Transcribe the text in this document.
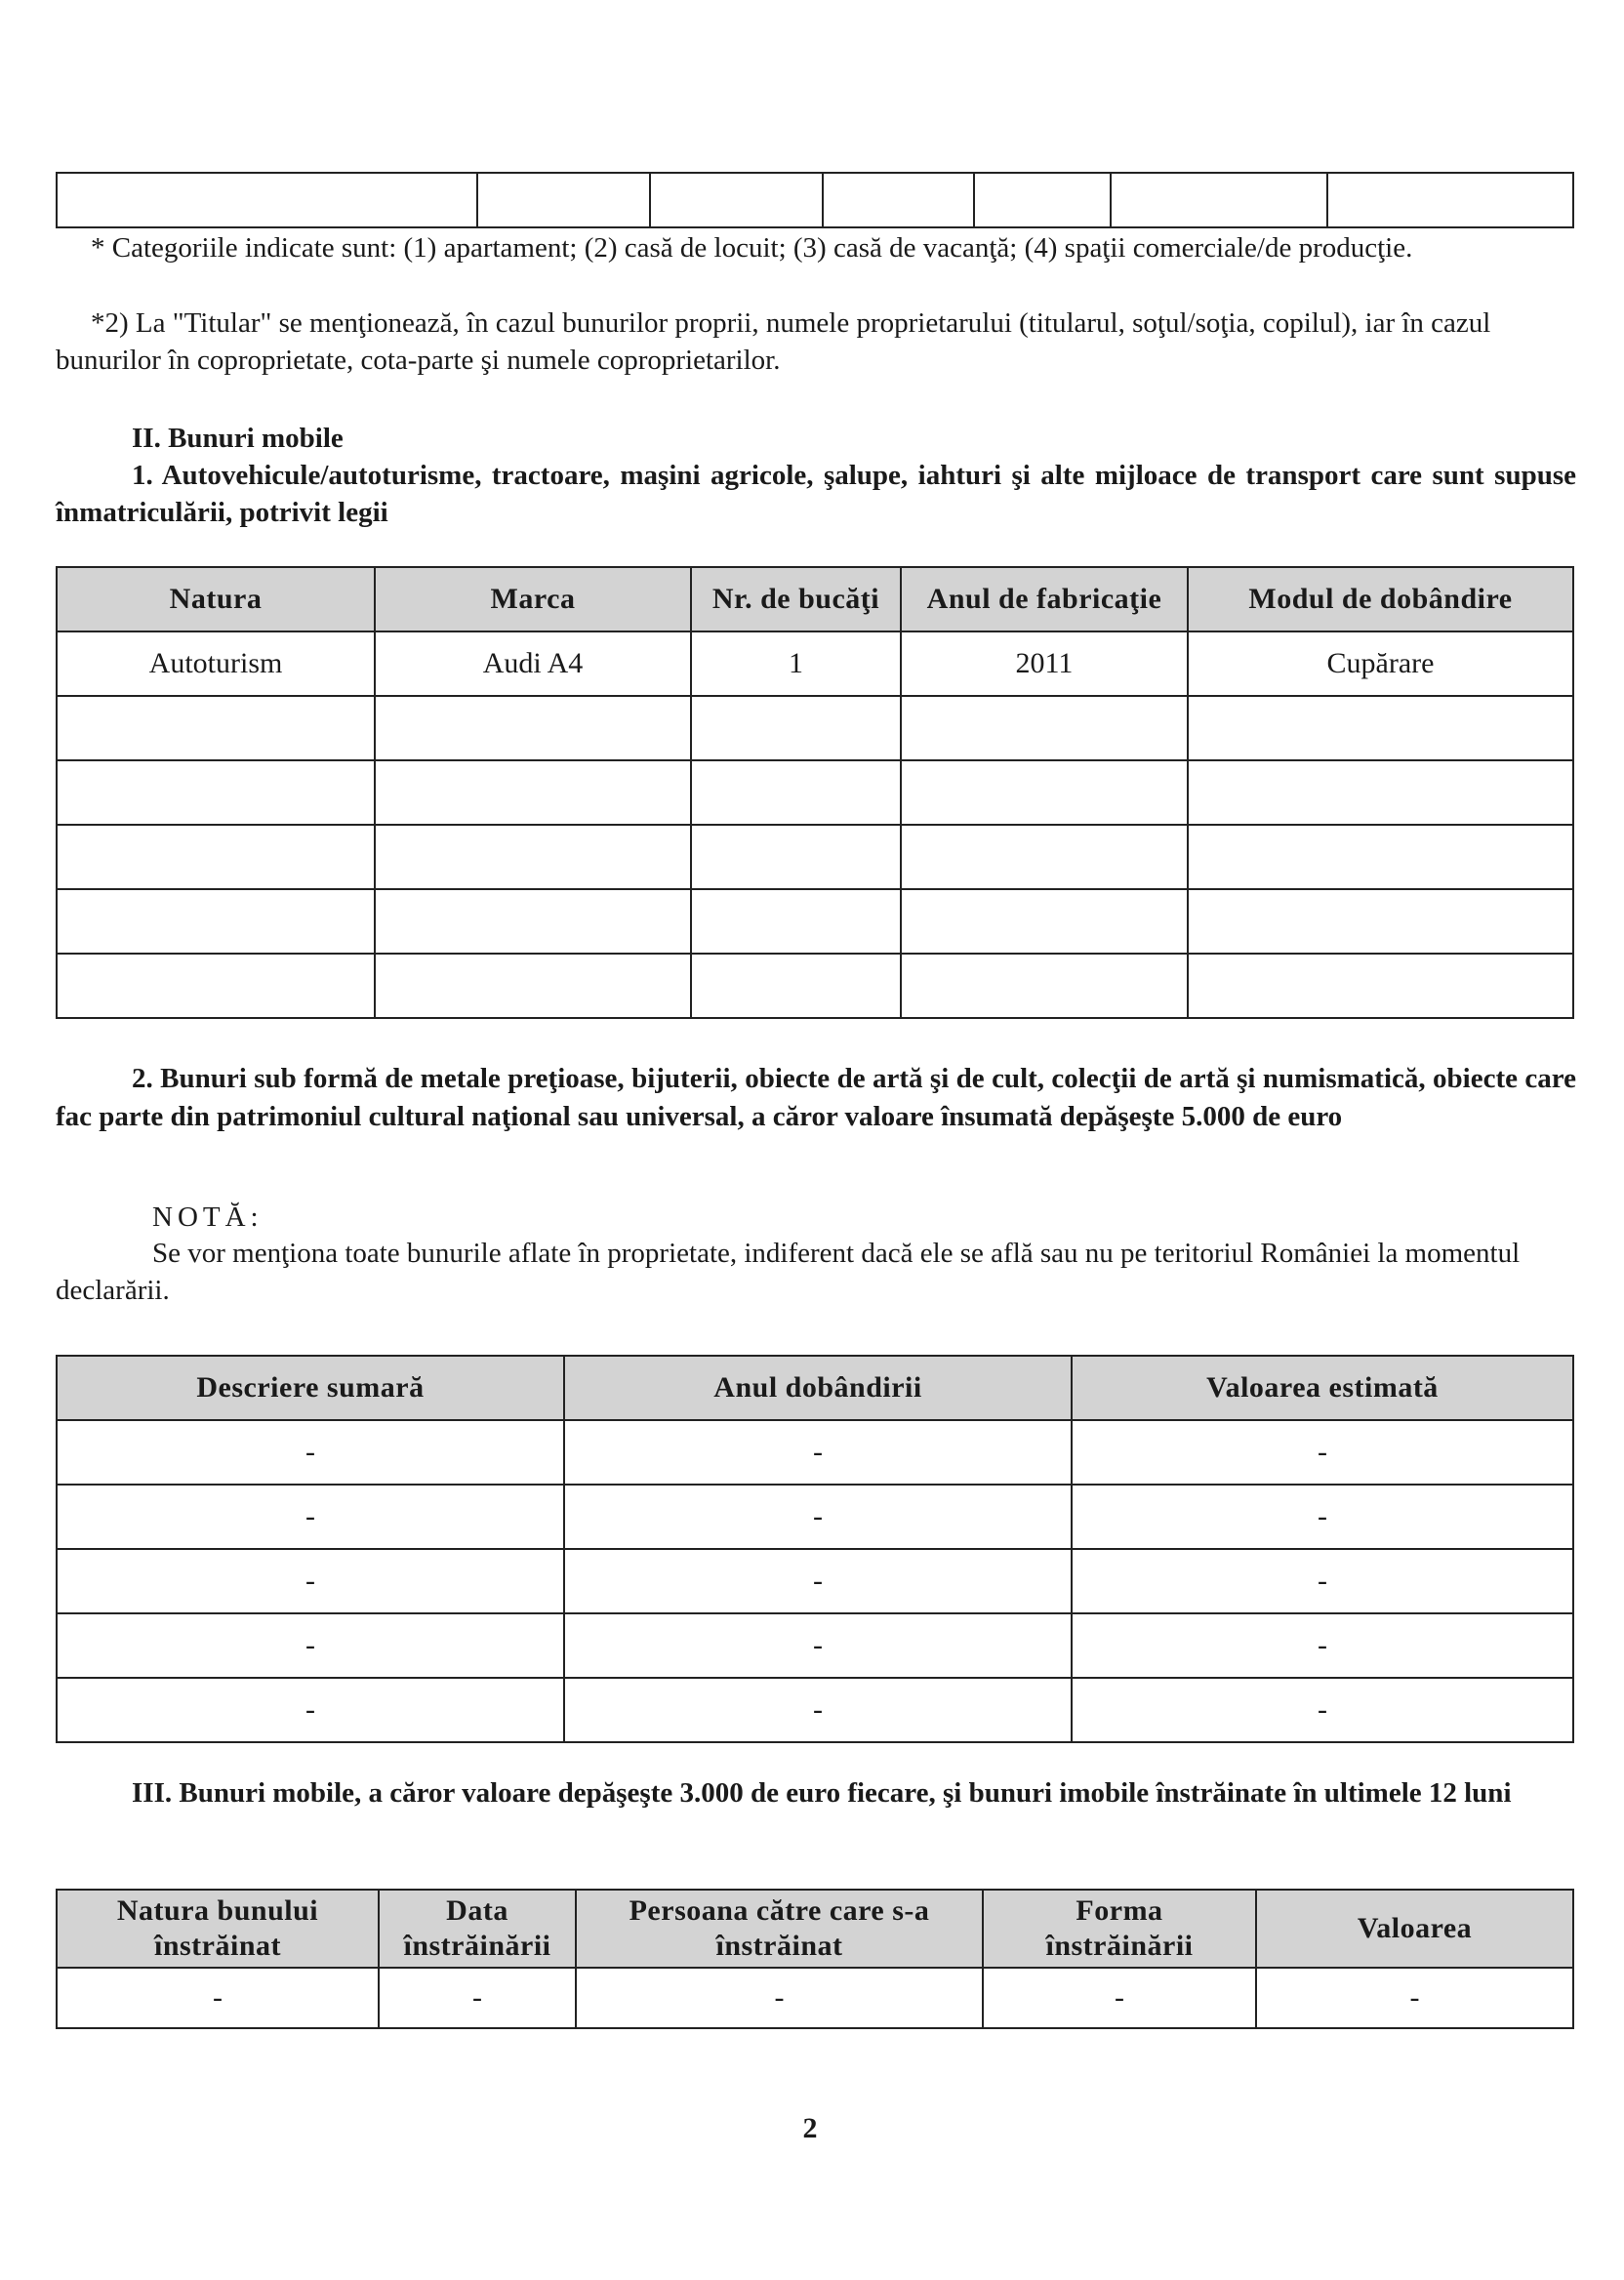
* Categoriile indicate sunt: (1) apartament; (2) casă de locuit; (3) casă de vacanţă; (4) spaţii comerciale/de producţie.
*2) La "Titular" se menţionează, în cazul bunurilor proprii, numele proprietarului (titularul, soţul/soţia, copilul), iar în cazul bunurilor în coproprietate, cota-parte şi numele coproprietarilor.
II. Bunuri mobile
1. Autovehicule/autoturisme, tractoare, maşini agricole, şalupe, iahturi şi alte mijloace de transport care sunt supuse înmatriculării, potrivit legii
Natura	Marca	Nr. de bucăţi	Anul de fabricaţie	Modul de dobândire
Autoturism	Audi A4	1	2011	Cupărare

2. Bunuri sub formă de metale preţioase, bijuterii, obiecte de artă şi de cult, colecţii de artă şi numismatică, obiecte care fac parte din patrimoniul cultural naţional sau universal, a căror valoare însumată depăşeşte 5.000 de euro
NOTĂ:
Se vor menţiona toate bunurile aflate în proprietate, indiferent dacă ele se află sau nu pe teritoriul României la momentul declarării.
Descriere sumară	Anul dobândirii	Valoarea estimată
-	-	-
-	-	-
-	-	-
-	-	-
-	-	-
III. Bunuri mobile, a căror valoare depăşeşte 3.000 de euro fiecare, şi bunuri imobile înstrăinate în ultimele 12 luni
Natura bunului înstrăinat	Data înstrăinării	Persoana către care s-a înstrăinat	Forma înstrăinării	Valoarea
-	-	-	-	-
2
